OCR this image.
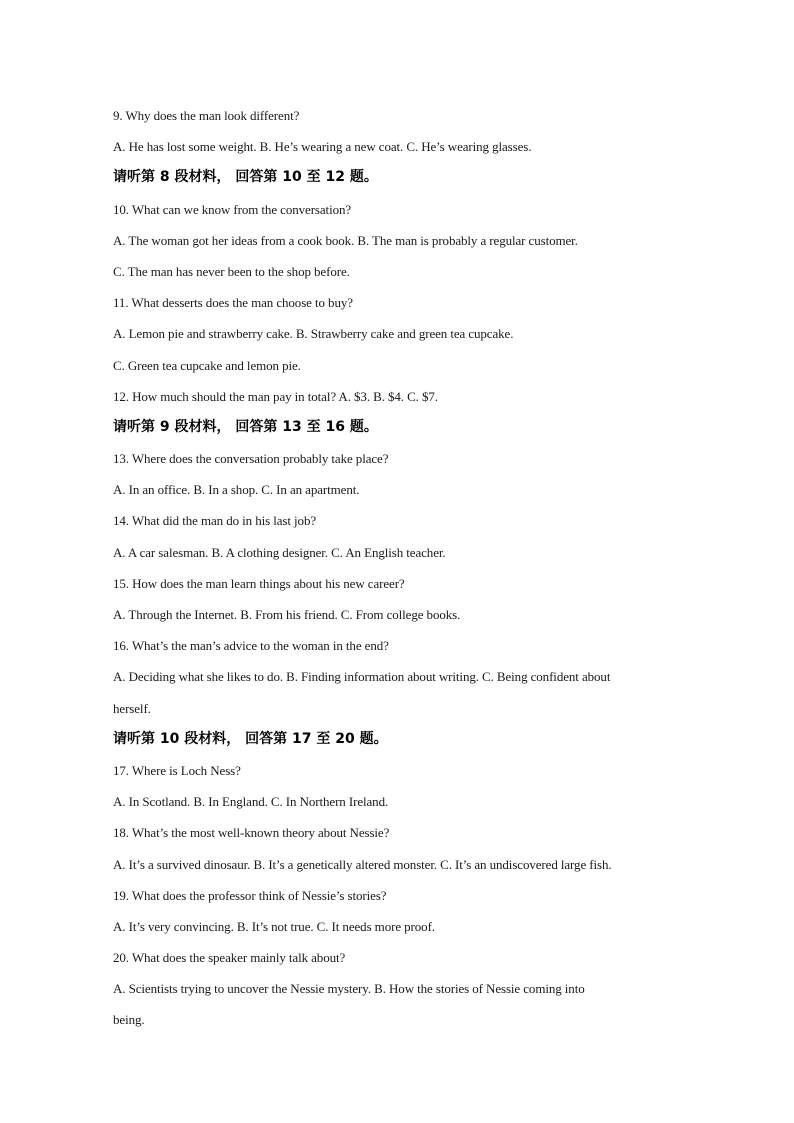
9. Why does the man look different?
A. He has lost some weight. B. He’s wearing a new coat. C. He’s wearing glasses.
请听第 8 段材料， 回答第 10 至 12 题。
10. What can we know from the conversation?
A. The woman got her ideas from a cook book. B. The man is probably a regular customer.
C. The man has never been to the shop before.
11. What desserts does the man choose to buy?
A. Lemon pie and strawberry cake. B. Strawberry cake and green tea cupcake.
C. Green tea cupcake and lemon pie.
12. How much should the man pay in total? A. $3. B. $4. C. $7.
请听第 9 段材料， 回答第 13 至 16 题。
13. Where does the conversation probably take place?
A. In an office. B. In a shop. C. In an apartment.
14. What did the man do in his last job?
A. A car salesman. B. A clothing designer. C. An English teacher.
15. How does the man learn things about his new career?
A. Through the Internet. B. From his friend. C. From college books.
16. What’s the man’s advice to the woman in the end?
A. Deciding what she likes to do. B. Finding information about writing. C. Being confident about
herself.
请听第 10 段材料， 回答第 17 至 20 题。
17. Where is Loch Ness?
A. In Scotland. B. In England. C. In Northern Ireland.
18. What’s the most well-known theory about Nessie?
A. It’s a survived dinosaur. B. It’s a genetically altered monster. C. It’s an undiscovered large fish.
19. What does the professor think of Nessie’s stories?
A. It’s very convincing. B. It’s not true. C. It needs more proof.
20. What does the speaker mainly talk about?
A. Scientists trying to uncover the Nessie mystery. B. How the stories of Nessie coming into
being.
